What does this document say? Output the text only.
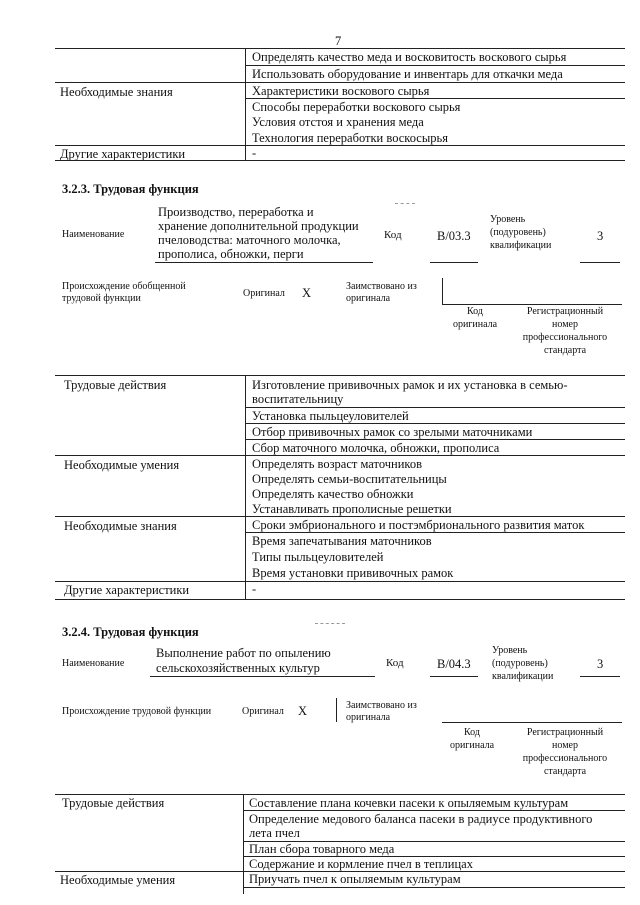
7
Определять качество меда и восковитость воскового сырья
Использовать оборудование и инвентарь для откачки меда
Необходимые знания	Характеристики воскового сырья
Способы переработки воскового сырья
Условия отстоя и хранения меда
Технология переработки воскосырья
Другие характеристики	-
3.2.3. Трудовая функция
Наименование
Производство, переработка и
хранение дополнительной продукции
пчеловодства: маточного молочка,
прополиса, обножки, перги
Код	B/03.3
Уровень
(подуровень)
квалификации
3
Происхождение обобщенной
трудовой функции	Оригинал X	Заимствовано из
оригинала
Код
оригинала
Регистрационный
номер
профессионального
стандарта
Трудовые действия	Изготовление прививочных рамок и их установка в семью-
воспитательницу
Установка пыльцеуловителей
Отбор прививочных рамок со зрелыми маточниками
Сбор маточного молочка, обножки, прополиса
Необходимые умения	Определять возраст маточников
Определять семьи-воспитательницы
Определять качество обножки
Устанавливать прополисные решетки
Необходимые знания	Сроки эмбрионального и постэмбрионального развития маток
Время запечатывания маточников
Типы пыльцеуловителей
Время установки прививочных рамок
Другие характеристики	-
3.2.4. Трудовая функция
Наименование
Выполнение работ по опылению
сельскохозяйственных культур	Код	B/04.3
Уровень
(подуровень)
квалификации
3
Происхождение трудовой функции	Оригинал X	Заимствовано из
оригинала
Код
оригинала
Регистрационный
номер
профессионального
стандарта
Трудовые действия	Составление плана кочевки пасеки к опыляемым культурам
Определение медового баланса пасеки в радиусе продуктивного
лета пчел
План сбора товарного меда
Содержание и кормление пчел в теплицах
Необходимые умения	Приучать пчел к опыляемым культурам
